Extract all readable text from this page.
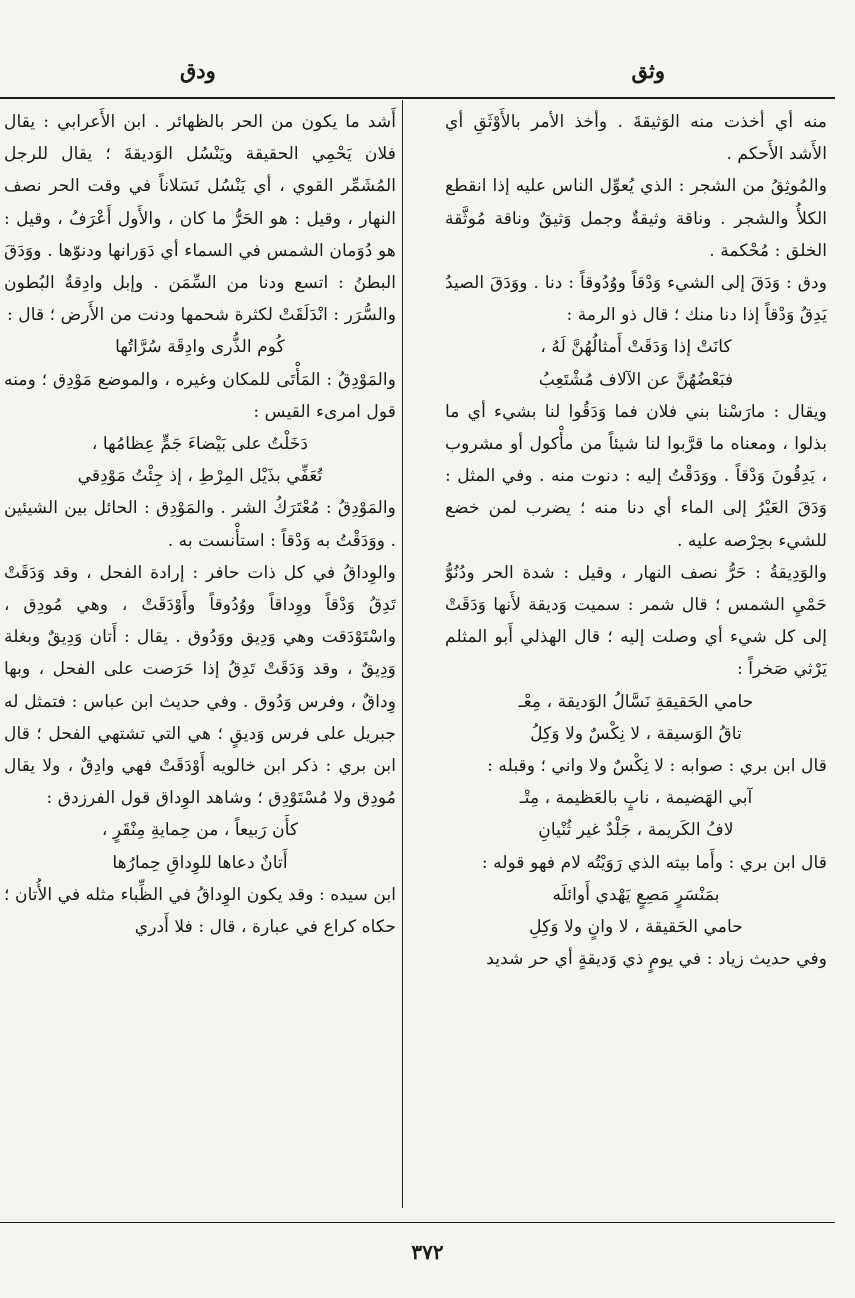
وثق
ودق

منه أي أخذت منه الوَثيقةَ . وأخذ الأمر بالأَوْثَقِ أي الأَشد الأَحكم .

والمُوثِقُ من الشجر : الذي يُعوِّل الناس عليه إذا انقطع الكلأُ والشجر . وناقة وثيقةٌ وجمل وَثيقٌ وناقة مُوثَّقة الخلق : مُحْكمة .

ودق : وَدَقَ إلى الشيء وَدْقاً ووُدُوقاً : دنا . ووَدَقَ الصيدُ يَدِقُ وَدْقاً إذا دنا منك ؛ قال ذو الرمة :

كانَتْ إذا وَدَقَتْ أَمثالُهُنَّ لَهُ ،

فبَعْضُهُنَّ عن الآلاف مُشْتَعِبُ

ويقال : مارَسْنا بني فلان فما وَدَقُوا لنا بشيء أي ما بذلوا ، ومعناه ما قرَّبوا لنا شيئاً من مأْكول أو مشروب ، يَدِقُونَ وَدْقاً . ووَدَقْتُ إليه : دنوت منه . وفي المثل : وَدَقَ العَيْرُ إلى الماء أي دنا منه ؛ يضرب لمن خضع للشيء بحِرْصه عليه .

والوَدِيقةُ : حَرُّ نصف النهار ، وقيل : شدة الحر ودُنُوُّ حَمْيِ الشمس ؛ قال شمر : سميت وَديقة لأَنها وَدَقَتْ إلى كل شيء أي وصلت إليه ؛ قال الهذلي أَبو المثلم يَرْثي صَخراً :

حامي الحَقيقةِ نَسَّالُ الوَديقة ، مِعْـ

تاقُ الوَسيقة ، لا نِكْسٌ ولا وَكِلُ

قال ابن بري : صوابه : لا نِكْسٌ ولا واني ؛ وقبله :

آبي الهَضيمة ، نابٍ بالعَظيمة ، مِتْـ

لافُ الكَريمة ، جَلْدٌ غير ثُنْيانِ

قال ابن بري : وأَما بيته الذي رَوَيْتُه لام فهو قوله :

بمَنْسَرٍ مَصِعٍ يَهْدي أَوائلَه

حامي الحَقيقة ، لا وانٍ ولا وَكِلِ

وفي حديث زياد : في يومٍ ذي وَديقةٍ أي حر شديد

أَشد ما يكون من الحر بالظهائر . ابن الأَعرابي : يقال فلان يَحْمِي الحقيقة ويَنْسُل الوَديقةَ ؛ يقال للرجل المُشَمِّر القوي ، أي يَنْسُل نَسَلاناً في وقت الحر نصف النهار ، وقيل : هو الحَرُّ ما كان ، والأَول أَعْرَفُ ، وقيل : هو دُوَمان الشمس في السماء أي دَوَرانها ودنوّها . ووَدَقَ البطنُ : اتسع ودنا من السِّمَن . وإبل وادِقةُ البُطون والسُّرَر : انْدَلَقَتْ لكثرة شحمها ودنت من الأَرض ؛ قال :

كُوم الذُّرى وادِقَة سُرَّاتُها

والمَوْدِقُ : المَأْتَى للمكان وغيره ، والموضع مَوْدِق ؛ ومنه قول امرىء القيس :

دَخَلْتُ على بَيْضاءَ جَمٍّ عِظامُها ،

تُعَفِّي بذَيْل المِرْطِ ، إذ جِئْتُ مَوْدِقي

والمَوْدِقُ : مُعْتَرَكُ الشر . والمَوْدِق : الحائل بين الشيئين . ووَدَقْتُ به وَدْقاً : استأْنست به .

والوِداقُ في كل ذات حافر : إرادة الفحل ، وقد وَدَقَتْ تَدِقُ وَدْقاً ووِداقاً ووُدُوقاً وأَوْدَقَتْ ، وهي مُودِق ، واسْتَوْدَقت وهي وَدِيق ووَدُوق . يقال : أَتان وَدِيقٌ وبغلة وَدِيقٌ ، وقد وَدَقَتْ تَدِقُ إذا حَرَصت على الفحل ، وبها وِداقٌ ، وفرس وَدُوق . وفي حديث ابن عباس : فتمثل له جبريل على فرس وَديقٍ ؛ هي التي تشتهي الفحل ؛ قال ابن بري : ذكر ابن خالويه أَوْدَقَتْ فهي وادِقٌ ، ولا يقال مُودِق ولا مُسْتَوْدِق ؛ وشاهد الوِداق قول الفرزدق :

كأَن رَبيعاً ، من حِمايةِ مِنْقَرٍ ،

أَتانٌ دعاها للوِداقِ حِمارُها

ابن سيده : وقد يكون الوِداقُ في الظِّباء مثله في الأُتان ؛ حكاه كراع في عبارة ، قال : فلا أَدري

٣٧٢
